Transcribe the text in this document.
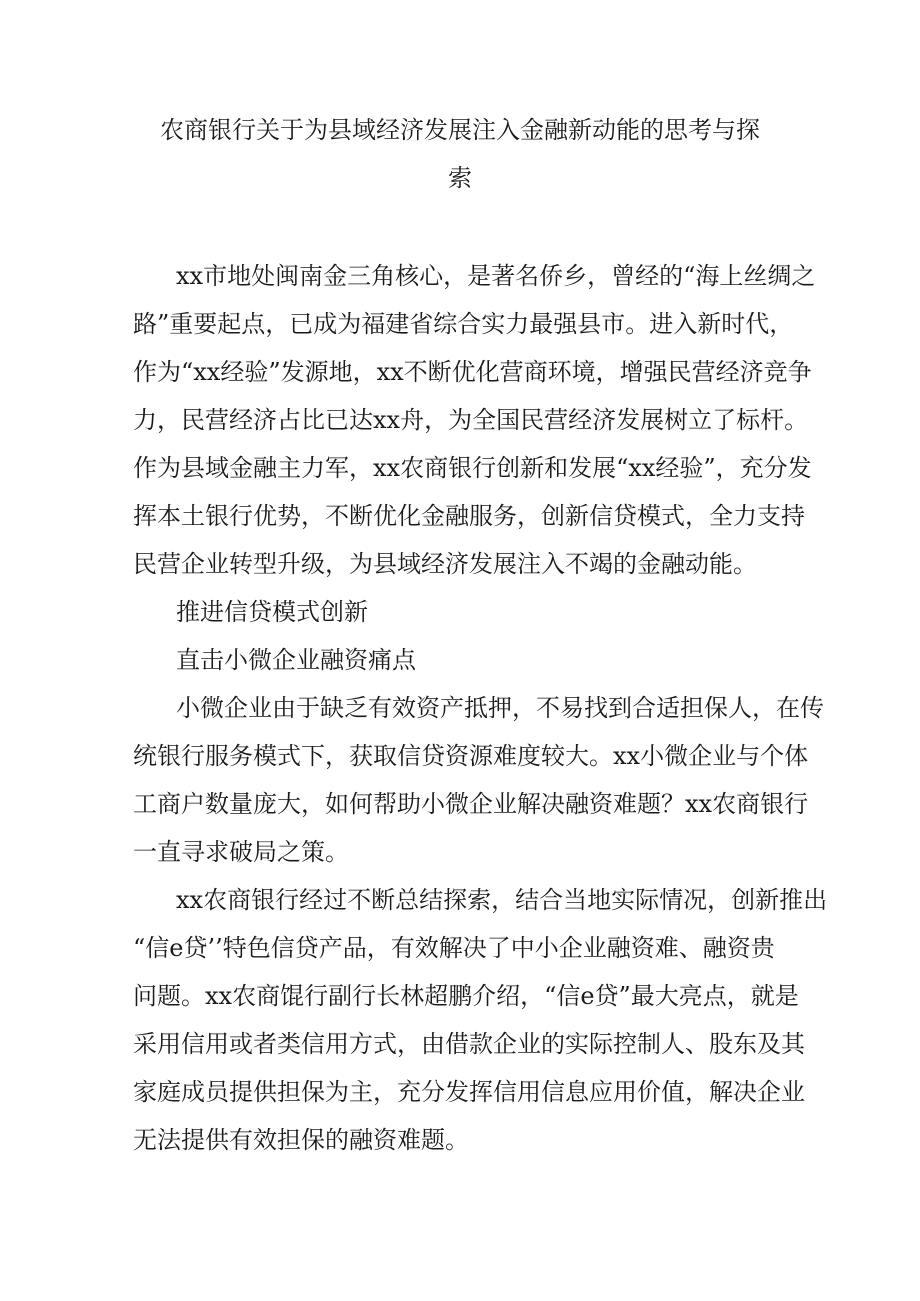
农商银行关于为县域经济发展注入金融新动能的思考与探
索
xx市地处闽南金三角核心，是著名侨乡，曾经的“海上丝绸之
路”重要起点，已成为福建省综合实力最强县市。进入新时代，
作为“xx经验”发源地，xx不断优化营商环境，增强民营经济竞争
力，民营经济占比已达xx舟，为全国民营经济发展树立了标杆。
作为县域金融主力军，xx农商银行创新和发展“xx经验”，充分发
挥本土银行优势，不断优化金融服务，创新信贷模式，全力支持
民营企业转型升级，为县域经济发展注入不竭的金融动能。
推进信贷模式创新
直击小微企业融资痛点
小微企业由于缺乏有效资产抵押，不易找到合适担保人，在传
统银行服务模式下，获取信贷资源难度较大。xx小微企业与个体
工商户数量庞大，如何帮助小微企业解决融资难题？xx农商银行
一直寻求破局之策。
xx农商银行经过不断总结探索，结合当地实际情况，创新推出
“信e贷’’特色信贷产品，有效解决了中小企业融资难、融资贵
问题。xx农商馄行副行长林超鹏介绍，“信e贷”最大亮点，就是
采用信用或者类信用方式，由借款企业的实际控制人、股东及其
家庭成员提供担保为主，充分发挥信用信息应用价值，解决企业
无法提供有效担保的融资难题。
